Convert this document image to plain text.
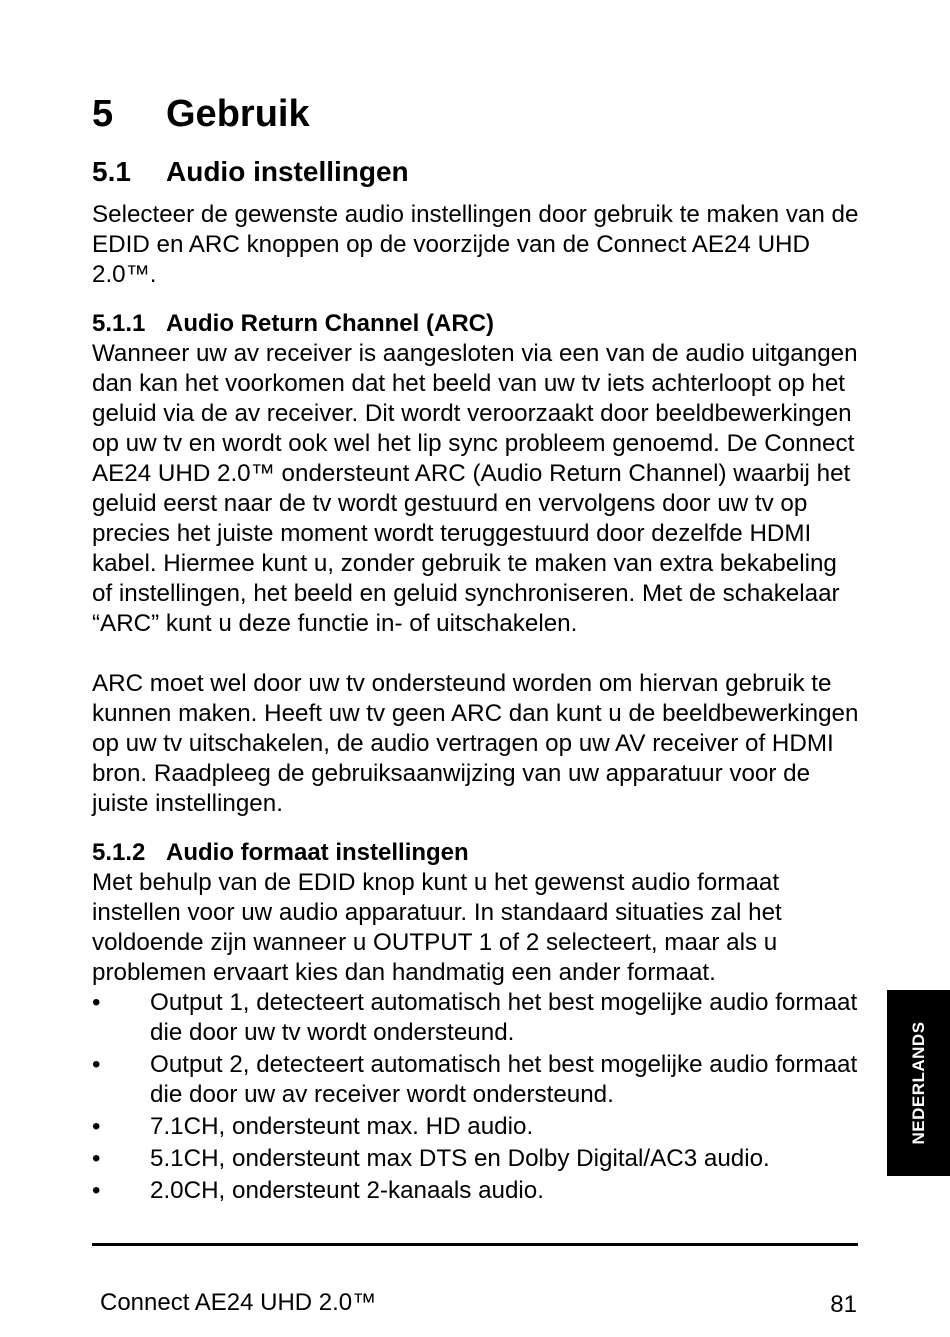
5 Gebruik
5.1 Audio instellingen

Selecteer de gewenste audio instellingen door gebruik te maken van de EDID en ARC knoppen op de voorzijde van de Connect AE24 UHD 2.0™.

5.1.1 Audio Return Channel (ARC)

Wanneer uw av receiver is aangesloten via een van de audio uitgangen dan kan het voorkomen dat het beeld van uw tv iets achterloopt op het geluid via de av receiver. Dit wordt veroorzaakt door beeldbewerkingen op uw tv en wordt ook wel het lip sync probleem genoemd. De Connect AE24 UHD 2.0™ ondersteunt ARC (Audio Return Channel) waarbij het geluid eerst naar de tv wordt gestuurd en vervolgens door uw tv op precies het juiste moment wordt teruggestuurd door dezelfde HDMI kabel. Hiermee kunt u, zonder gebruik te maken van extra bekabeling of instellingen, het beeld en geluid synchroniseren. Met de schakelaar “ARC” kunt u deze functie in- of uitschakelen.

ARC moet wel door uw tv ondersteund worden om hiervan gebruik te kunnen maken. Heeft uw tv geen ARC dan kunt u de beeldbewerkingen op uw tv uitschakelen, de audio vertragen op uw AV receiver of HDMI bron. Raadpleeg de gebruiksaanwijzing van uw apparatuur voor de juiste instellingen.

5.1.2 Audio formaat instellingen

Met behulp van de EDID knop kunt u het gewenst audio formaat instellen voor uw audio apparatuur. In standaard situaties zal het voldoende zijn wanneer u OUTPUT 1 of 2 selecteert, maar als u problemen ervaart kies dan handmatig een ander formaat.

•	Output 1, detecteert automatisch het best mogelijke audio formaat die door uw tv wordt ondersteund.
•	Output 2, detecteert automatisch het best mogelijke audio formaat die door uw av receiver wordt ondersteund.
•	7.1CH, ondersteunt max. HD audio.
•	5.1CH, ondersteunt max DTS en Dolby Digital/AC3 audio.
•	2.0CH, ondersteunt 2-kanaals audio.
NEDERLANDS
Connect AE24 UHD 2.0™	81
